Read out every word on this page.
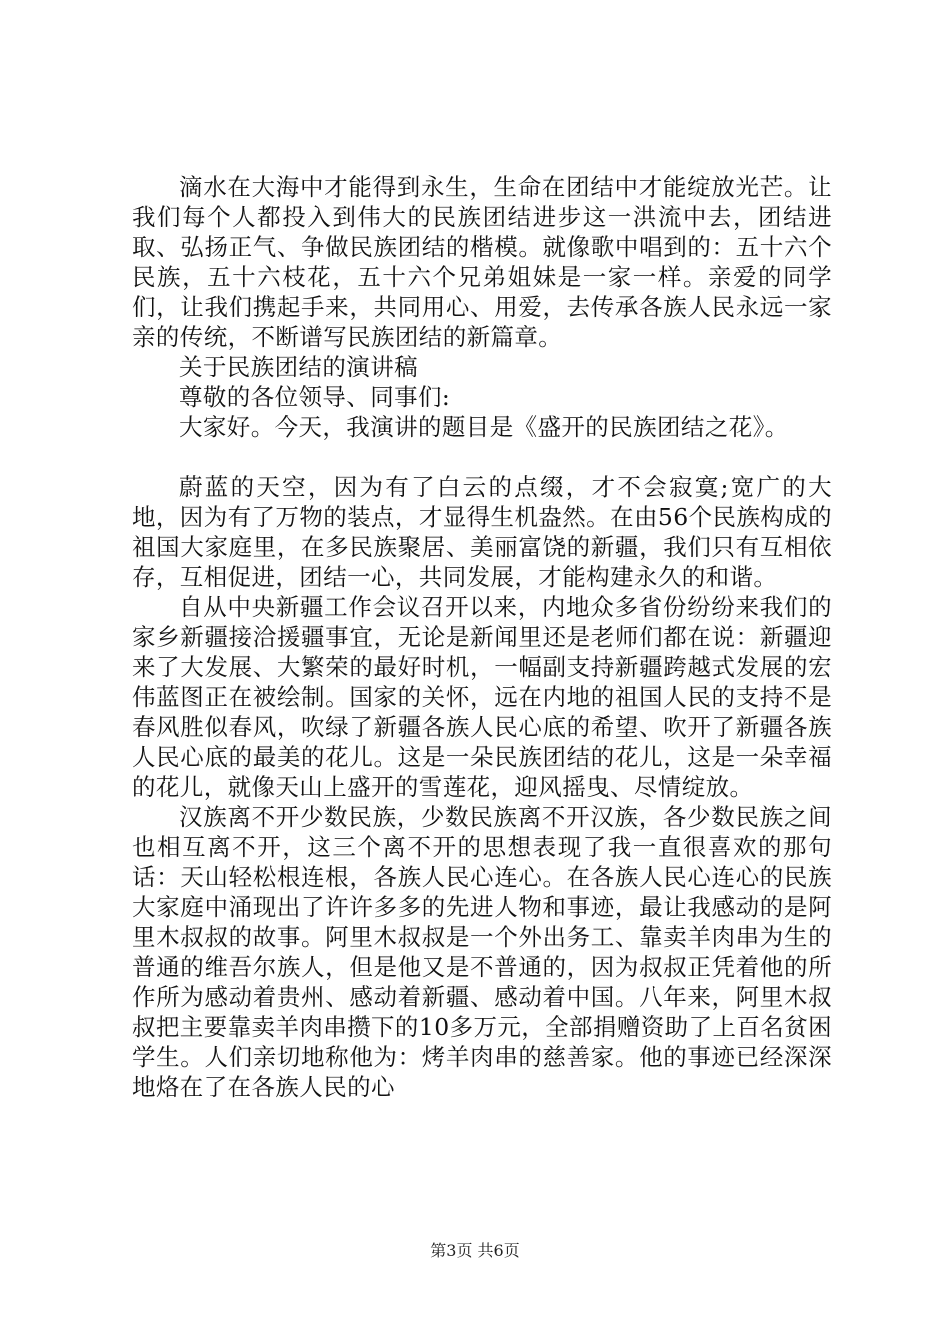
滴水在大海中才能得到永生，生命在团结中才能绽放光芒。让我们每个人都投入到伟大的民族团结进步这一洪流中去，团结进取、弘扬正气、争做民族团结的楷模。就像歌中唱到的：五十六个民族，五十六枝花，五十六个兄弟姐妹是一家一样。亲爱的同学们，让我们携起手来，共同用心、用爱，去传承各族人民永远一家亲的传统，不断谱写民族团结的新篇章。

关于民族团结的演讲稿

尊敬的各位领导、同事们:

大家好。今天，我演讲的题目是《盛开的民族团结之花》。

蔚蓝的天空，因为有了白云的点缀，才不会寂寞;宽广的大地，因为有了万物的装点，才显得生机盎然。在由56个民族构成的祖国大家庭里，在多民族聚居、美丽富饶的新疆，我们只有互相依存，互相促进，团结一心，共同发展，才能构建永久的和谐。

自从中央新疆工作会议召开以来，内地众多省份纷纷来我们的家乡新疆接洽援疆事宜，无论是新闻里还是老师们都在说：新疆迎来了大发展、大繁荣的最好时机，一幅副支持新疆跨越式发展的宏伟蓝图正在被绘制。国家的关怀，远在内地的祖国人民的支持不是春风胜似春风，吹绿了新疆各族人民心底的希望、吹开了新疆各族人民心底的最美的花儿。这是一朵民族团结的花儿，这是一朵幸福的花儿，就像天山上盛开的雪莲花，迎风摇曳、尽情绽放。

汉族离不开少数民族，少数民族离不开汉族，各少数民族之间也相互离不开，这三个离不开的思想表现了我一直很喜欢的那句话：天山轻松根连根，各族人民心连心。在各族人民心连心的民族大家庭中涌现出了许许多多的先进人物和事迹，最让我感动的是阿里木叔叔的故事。阿里木叔叔是一个外出务工、靠卖羊肉串为生的普通的维吾尔族人，但是他又是不普通的，因为叔叔正凭着他的所作所为感动着贵州、感动着新疆、感动着中国。八年来，阿里木叔叔把主要靠卖羊肉串攒下的10多万元，全部捐赠资助了上百名贫困学生。人们亲切地称他为：烤羊肉串的慈善家。他的事迹已经深深地烙在了在各族人民的心

第3页 共6页
